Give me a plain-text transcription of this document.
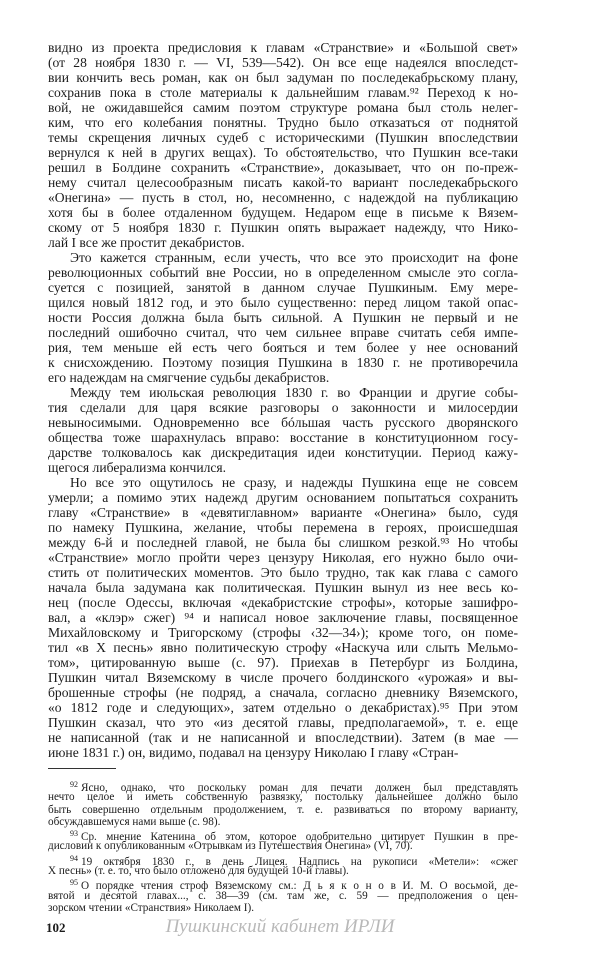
видно из проекта предисловия к главам «Странствие» и «Большой свет»
(от 28 ноября 1830 г. — VI, 539—542). Он все еще надеялся впоследст-
вии кончить весь роман, как он был задуман по последекабрьскому плану,
сохранив пока в столе материалы к дальнейшим главам.⁹² Переход к но-
вой, не ожидавшейся самим поэтом структуре романа был столь нелег-
ким, что его колебания понятны. Трудно было отказаться от поднятой
темы скрещения личных судеб с историческими (Пушкин впоследствии
вернулся к ней в других вещах). То обстоятельство, что Пушкин все-таки
решил в Болдине сохранить «Странствие», доказывает, что он по-преж-
нему считал целесообразным писать какой-то вариант последекабрьского
«Онегина» — пусть в стол, но, несомненно, с надеждой на публикацию
хотя бы в более отдаленном будущем. Недаром еще в письме к Вязем-
скому от 5 ноября 1830 г. Пушкин опять выражает надежду, что Нико-
лай I все же простит декабристов.
Это кажется странным, если учесть, что все это происходит на фоне
революционных событий вне России, но в определенном смысле это согла-
суется с позицией, занятой в данном случае Пушкиным. Ему мере-
щился новый 1812 год, и это было существенно: перед лицом такой опас-
ности Россия должна была быть сильной. А Пушкин не первый и не
последний ошибочно считал, что чем сильнее вправе считать себя импе-
рия, тем меньше ей есть чего бояться и тем более у нее оснований
к снисхождению. Поэтому позиция Пушкина в 1830 г. не противоречила
его надеждам на смягчение судьбы декабристов.
Между тем июльская революция 1830 г. во Франции и другие собы-
тия сделали для царя всякие разговоры о законности и милосердии
невыносимыми. Одновременно все бóльшая часть русского дворянского
общества тоже шарахнулась вправо: восстание в конституционном госу-
дарстве толковалось как дискредитация идеи конституции. Период кажу-
щегося либерализма кончился.
Но все это ощутилось не сразу, и надежды Пушкина еще не совсем
умерли; а помимо этих надежд другим основанием попытаться сохранить
главу «Странствие» в «девятиглавном» варианте «Онегина» было, судя
по намеку Пушкина, желание, чтобы перемена в героях, происшедшая
между 6-й и последней главой, не была бы слишком резкой.⁹³ Но чтобы
«Странствие» могло пройти через цензуру Николая, его нужно было очи-
стить от политических моментов. Это было трудно, так как глава с самого
начала была задумана как политическая. Пушкин вынул из нее весь ко-
нец (после Одессы, включая «декабристские строфы», которые зашифро-
вал, а «клэр» сжег) ⁹⁴ и написал новое заключение главы, посвященное
Михайловскому и Тригорскому (строфы ‹32—34›); кроме того, он поме-
тил «в X песнь» явно политическую строфу «Наскуча или слыть Мельмо-
том», цитированную выше (с. 97). Приехав в Петербург из Болдина,
Пушкин читал Вяземскому в числе прочего болдинского «урожая» и вы-
брошенные строфы (не подряд, а сначала, согласно дневнику Вяземского,
«о 1812 годе и следующих», затем отдельно о декабристах).⁹⁵ При этом
Пушкин сказал, что это «из десятой главы, предполагаемой», т. е. еще
не написанной (так и не написанной и впоследствии). Затем (в мае —
июне 1831 г.) он, видимо, подавал на цензуру Николаю I главу «Стран-
$^{92}$ Ясно, однако, что поскольку роман для печати должен был представлять
нечто целое и иметь собственную развязку, постольку дальнейшее должно было
быть совершенно отдельным продолжением, т. е. развиваться по второму варианту,
обсуждавшемуся нами выше (с. 98).
$^{93}$ Ср. мнение Катенина об этом, которое одобрительно цитирует Пушкин в пре-
дисловии к опубликованным «Отрывкам из Путешествия Онегина» (VI, 70).
$^{94}$ 19 октября 1830 г., в день Лицея. Надпись на рукописи «Метели»: «сжег
X песнь» (т. е. то, что было отложено для будущей 10-й главы).
$^{95}$ О порядке чтения строф Вяземскому см.: Д ь я к о н о в И. М. О восьмой, де-
вятой и десятой главах..., с. 38—39 (см. там же, с. 59 — предположения о цен-
зорском чтении «Странствия» Николаем I).
102	Пушкинский кабинет ИРЛИ
